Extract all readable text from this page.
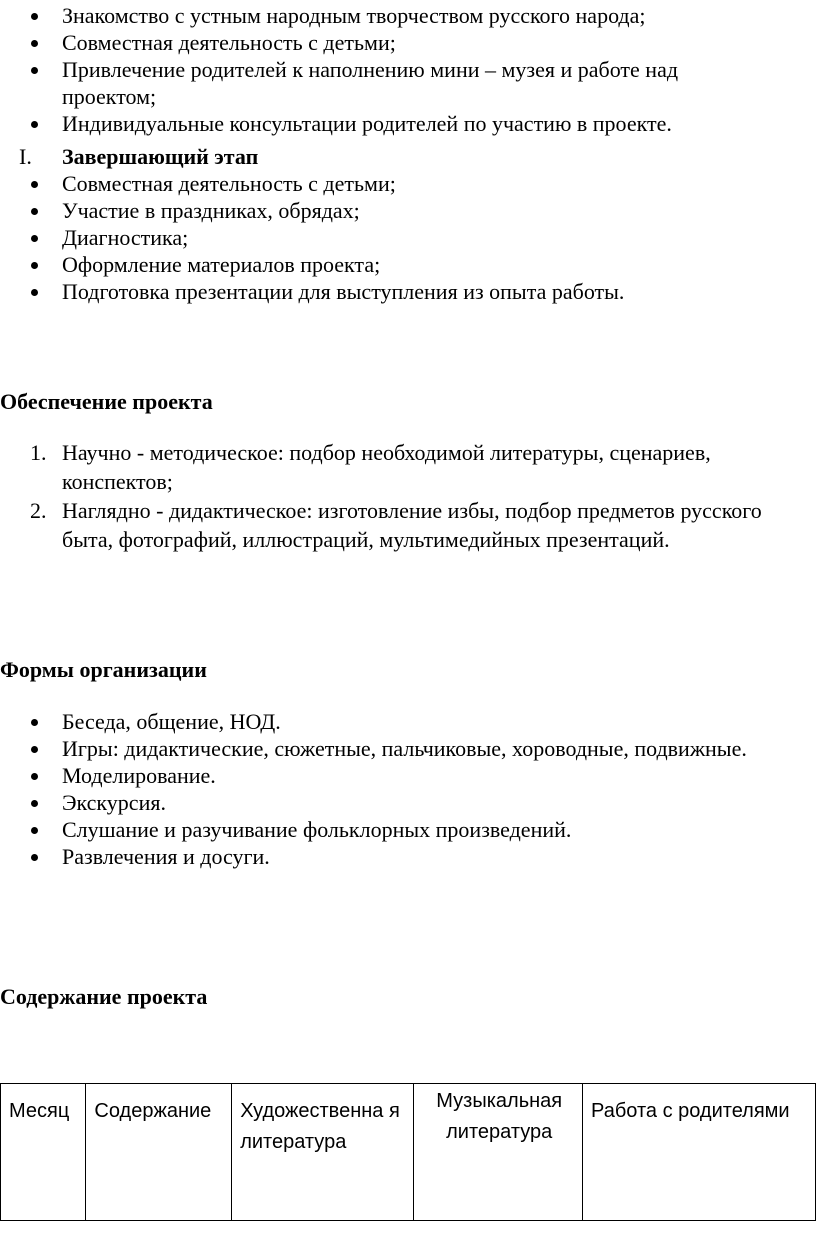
Знакомство с устным народным творчеством русского народа;
Совместная деятельность с детьми;
Привлечение родителей к наполнению мини – музея и работе над проектом;
Индивидуальные консультации родителей по участию в проекте.
I. Завершающий этап
Совместная деятельность с детьми;
Участие в праздниках, обрядах;
Диагностика;
Оформление материалов проекта;
Подготовка презентации для выступления из опыта работы.
Обеспечение проекта
1. Научно - методическое: подбор необходимой литературы, сценариев, конспектов;
2. Наглядно - дидактическое: изготовление избы, подбор предметов русского быта, фотографий, иллюстраций, мультимедийных презентаций.
Формы организации
Беседа, общение, НОД.
Игры: дидактические, сюжетные, пальчиковые, хороводные, подвижные.
Моделирование.
Экскурсия.
Слушание и разучивание фольклорных произведений.
Развлечения и досуги.
Содержание проекта
Месяц	Содержание	Художественна я литература	Музыкальная литература	Работа с родителями
